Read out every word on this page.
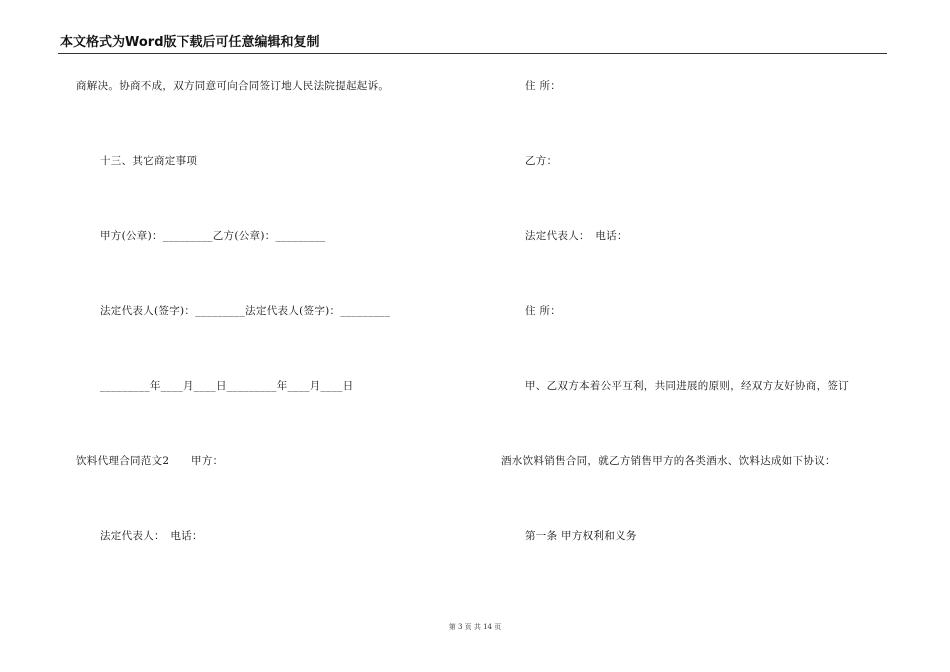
本文格式为Word版下载后可任意编辑和复制
商解决。协商不成，双方同意可向合同签订地人民法院提起起诉。
十三、其它商定事项
甲方(公章)：_________乙方(公章)：_________
法定代表人(签字)：_________法定代表人(签字)：_________
_________年____月____日_________年____月____日
饮料代理合同范文2　　甲方：
法定代表人：　电话：
住 所：
乙方：
法定代表人：　电话：
住 所：
甲、乙双方本着公平互利，共同进展的原则，经双方友好协商，签订
酒水饮料销售合同，就乙方销售甲方的各类酒水、饮料达成如下协议：
第一条 甲方权利和义务
第 3 页 共 14 页
